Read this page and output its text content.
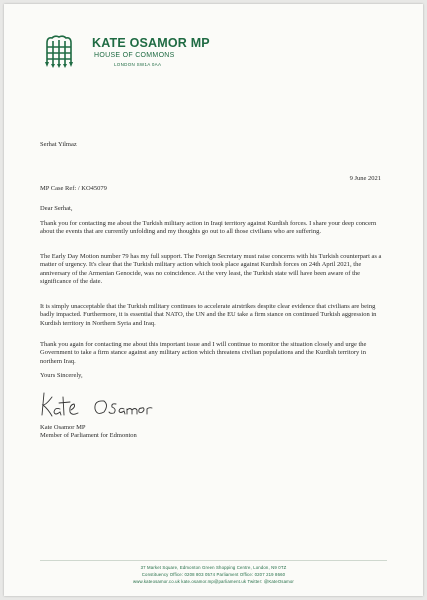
KATE OSAMOR MP
HOUSE OF COMMONS
LONDON SW1A 0AA
Serhat Yilmaz
9 June 2021
MP Case Ref: / KO45079
Dear Serhat,
Thank you for contacting me about the Turkish military action in Iraqi territory against Kurdish forces. I share your deep concern about the events that are currently unfolding and my thoughts go out to all those civilians who are suffering.
The Early Day Motion number 79 has my full support. The Foreign Secretary must raise concerns with his Turkish counterpart as a matter of urgency. It's clear that the Turkish military action which took place against Kurdish forces on 24th April 2021, the anniversary of the Armenian Genocide, was no coincidence. At the very least, the Turkish state will have been aware of the significance of the date.
It is simply unacceptable that the Turkish military continues to accelerate airstrikes despite clear evidence that civilians are being badly impacted. Furthermore, it is essential that NATO, the UN and the EU take a firm stance on continued Turkish aggression in Kurdish territory in Northern Syria and Iraq.
Thank you again for contacting me about this important issue and I will continue to monitor the situation closely and urge the Government to take a firm stance against any military action which threatens civilian populations and the Kurdish territory in northern Iraq.
Yours Sincerely,
Kate Osamor MP
Member of Parliament for Edmonton
37 Market Square, Edmonton Green Shopping Centre, London, N9 0TZ
Constituency Office: 0208 803 0574 Parliament Office: 0207 219 8660
www.kateosamor.co.uk kate.osamor.mp@parliament.uk Twitter: @KateOsamor
